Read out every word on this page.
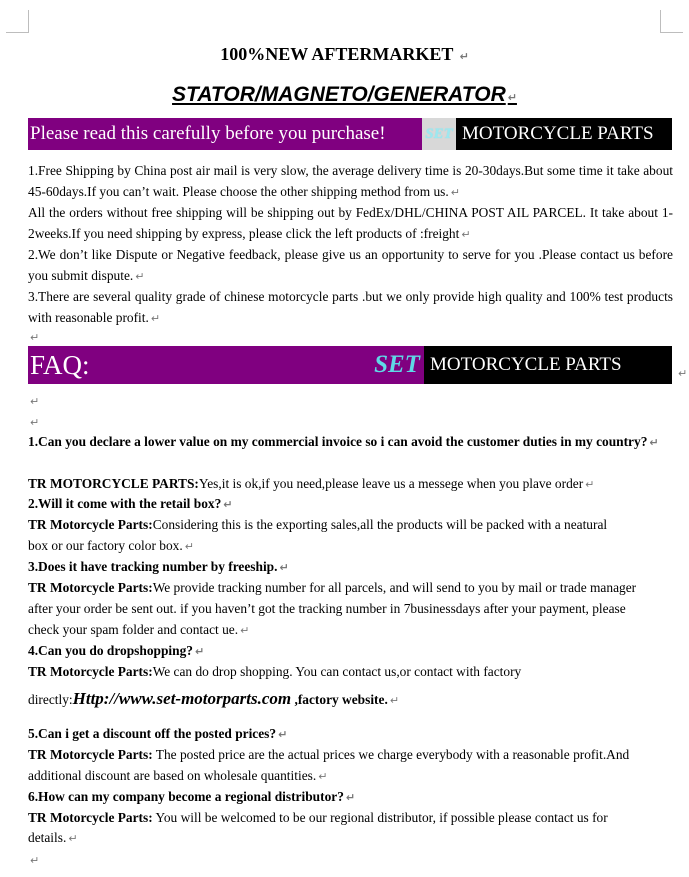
100%NEW AFTERMARKET ↵
STATOR/MAGNETO/GENERATOR ↵
Please read this carefully before you purchase!	SET MOTORCYCLE PARTS
1.Free Shipping by China post air mail is very slow, the average delivery time is 20-30days.But some time it take about 45-60days.If you can’t wait. Please choose the other shipping method from us. ↵
All the orders without free shipping will be shipping out by FedEx/DHL/CHINA POST AIL PARCEL. It take about 1-2weeks.If you need shipping by express, please click the left products of :freight ↵
2.We don’t like Dispute or Negative feedback, please give us an opportunity to serve for you .Please contact us before you submit dispute. ↵
3.There are several quality grade of chinese motorcycle parts .but we only provide high quality and 100% test products with reasonable profit. ↵
↵
FAQ:	SET MOTORCYCLE PARTS	↵
↵
↵
1.Can you declare a lower value on my commercial invoice so i can avoid the customer duties in my country? ↵
TR MOTORCYCLE PARTS:Yes,it is ok,if you need,please leave us a messege when you plave order ↵
2.Will it come with the retail box? ↵
TR Motorcycle Parts:Considering this is the exporting sales,all the products will be packed with a neatural
box or our factory color box. ↵
3.Does it have tracking number by freeship. ↵
TR Motorcycle Parts:We provide tracking number for all parcels, and will send to you by mail or trade manager
after your order be sent out. if you haven’t got the tracking number in 7businessdays after your payment, please
check your spam folder and contact ue. ↵
4.Can you do dropshopping? ↵
TR Motorcycle Parts:We can do drop shopping. You can contact us,or contact with factory
directly:Http://www.set-motorparts.com ,factory website. ↵
5.Can i get a discount off the posted prices? ↵
TR Motorcycle Parts: The posted price are the actual prices we charge everybody with a reasonable profit.And
additional discount are based on wholesale quantities. ↵
6.How can my company become a regional distributor? ↵
TR Motorcycle Parts: You will be welcomed to be our regional distributor, if possible please contact us for
details. ↵
↵
